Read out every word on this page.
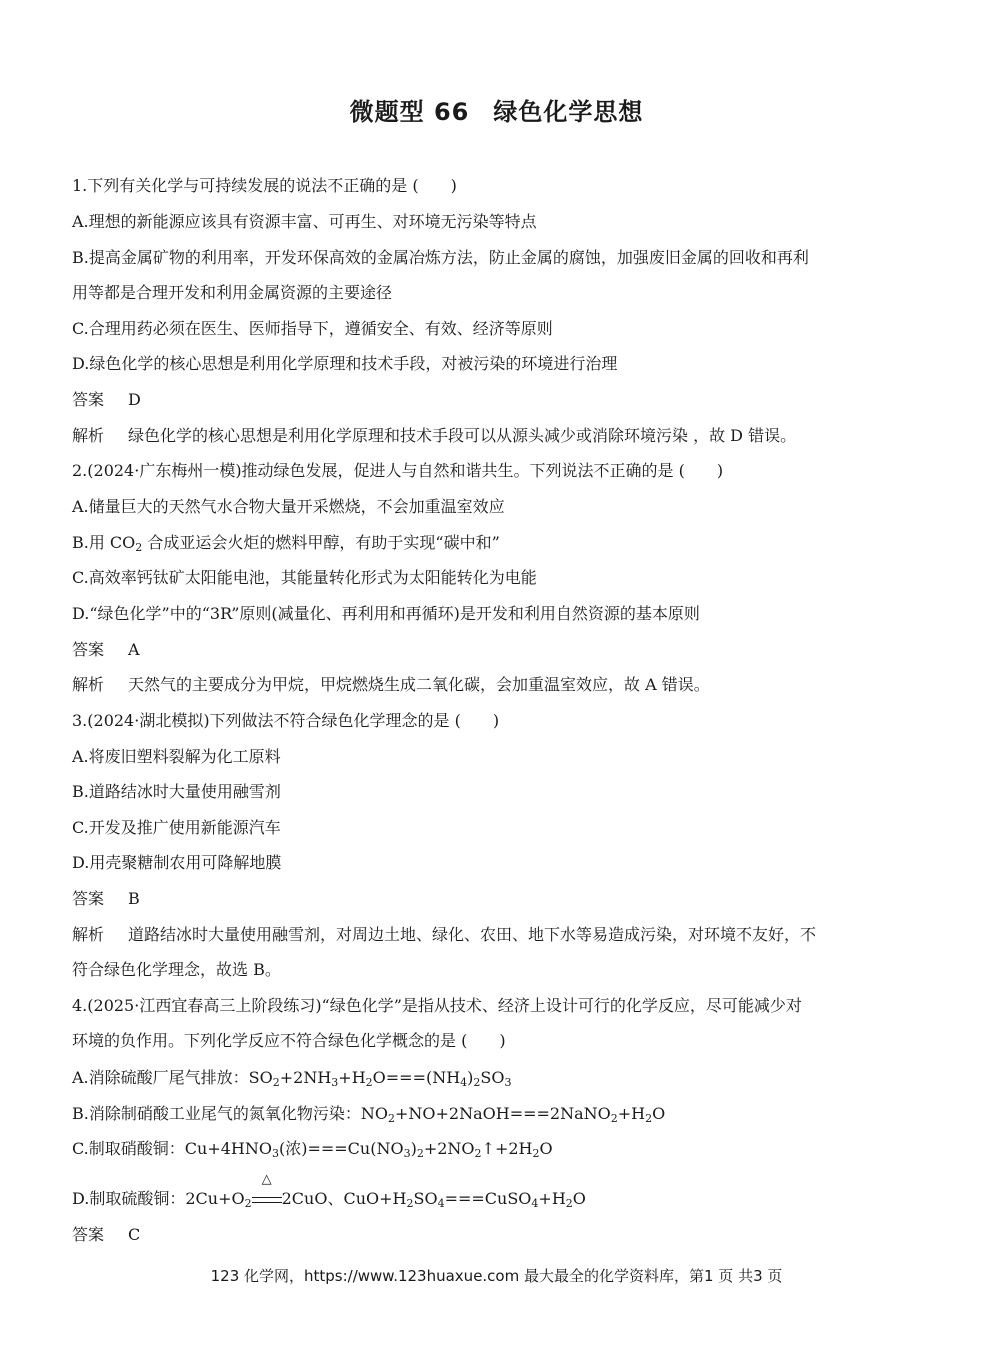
微题型 66 绿色化学思想
1.下列有关化学与可持续发展的说法不正确的是 (　　)
A.理想的新能源应该具有资源丰富、可再生、对环境无污染等特点
B.提高金属矿物的利用率，开发环保高效的金属冶炼方法，防止金属的腐蚀，加强废旧金属的回收和再利
用等都是合理开发和利用金属资源的主要途径
C.合理用药必须在医生、医师指导下，遵循安全、有效、经济等原则
D.绿色化学的核心思想是利用化学原理和技术手段，对被污染的环境进行治理
答案 D
解析 绿色化学的核心思想是利用化学原理和技术手段可以从源头减少或消除环境污染 ，故 D 错误。
2.(2024·广东梅州一模)推动绿色发展，促进人与自然和谐共生。下列说法不正确的是 (　　)
A.储量巨大的天然气水合物大量开采燃烧，不会加重温室效应
B.用 $CO_2$ 合成亚运会火炬的燃料甲醇，有助于实现“碳中和”
C.高效率钙钛矿太阳能电池，其能量转化形式为太阳能转化为电能
D.“绿色化学”中的“3R”原则(减量化、再利用和再循环)是开发和利用自然资源的基本原则
答案 A
解析 天然气的主要成分为甲烷，甲烷燃烧生成二氧化碳，会加重温室效应，故 A 错误。
3.(2024·湖北模拟)下列做法不符合绿色化学理念的是 (　　)
A.将废旧塑料裂解为化工原料
B.道路结冰时大量使用融雪剂
C.开发及推广使用新能源汽车
D.用壳聚糖制农用可降解地膜
答案 B
解析 道路结冰时大量使用融雪剂，对周边土地、绿化、农田、地下水等易造成污染，对环境不友好，不
符合绿色化学理念，故选 B。
4.(2025·江西宜春高三上阶段练习)“绿色化学”是指从技术、经济上设计可行的化学反应，尽可能减少对
环境的负作用。下列化学反应不符合绿色化学概念的是 (　　)
A.消除硫酸厂尾气排放：$SO_2+2NH_3+H_2O===(NH_4)_2SO_3$
B.消除制硝酸工业尾气的氮氧化物污染：$NO_2+NO+2NaOH===2NaNO_2+H_2O$
C.制取硝酸铜：$Cu+4HNO_3$(浓)$===Cu(NO_3)_2+2NO_2↑+2H_2O$
D.制取硫酸铜：$2Cu+O_2$
△
2CuO、$CuO+H_2SO_4===CuSO_4+H_2O$
答案 C
123 化学网，https://www.123huaxue.com 最大最全的化学资料库，第1 页 共3 页
